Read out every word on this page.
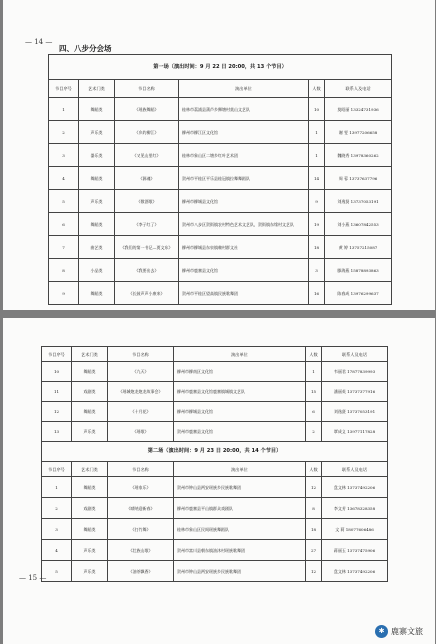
— 14 —
四、八步分会场
第一场（演出时间：9 月 22 日 20:00，共 13 个节目）					
节目序号	艺术门类	节目名称	演出单位	人数	联系人及电话
1	舞蹈类	《瑶族舞蹈》	桂林市荔浦县蒲芦乡狮塘村莫山文艺队	10	莫昭丽 13324731936
2	声乐类	《乡约柳江》	柳州市柳江区文化馆	1	谢 雯 13977206658
3	器乐类	《又见山里红》	桂林市象山区二塘乡红叶艺术团	1	魏晓秀 13978360262
4	舞蹈类	《源魂》	贺州市平桂区平乐县桂冠镇拉舞舞蹈队	14	周 蓉 13737637796
5	声乐类	《敬酒歌》	柳州市柳城县文化馆	9	刘逸贤 13737053191
6	舞蹈类	《李子红了》	贺州市八步区贺街镇农村特色艺术文艺队，贺街镇东缘村文艺队	19	刘小燕 13607842553
7	曲艺类	《我们的第一书记—贾文东》	柳州市柳城县东泉镇赖村群文社	18	黄 婷 13757215087
8	小品类	《我要出去》	柳州市鹿寨县文化馆	3	滕海燕 15878893863
9	舞蹈类	《长鼓声声小康来》	贺州市平桂区望高镇民族歌舞团	16	陈春成 13976299637
节目序号	艺术门类	节目名称	演出单位	人数	联系人及电话
10	舞蹈类	《九天》	柳州市柳南区文化馆	1	韦丽君 17877839993
11	戏剧类	《瑶城炮龙炮龙故事会》	柳州市鹿寨县文化馆鹿寨镇城镇文艺队	15	潘丽英 13737377916
12	舞蹈类	《十月花》	柳州市柳城县文化馆	6	刘逸贤 13737053191
13	声乐类	《瑶歌》	贺州市鹿寨县文化馆	2	覃成义 13977117828
第二场（演出时间：9 月 23 日 20:00，共 14 个节目）					
节目序号	艺术门类	节目名称	演出单位	人数	联系人及电话
1	舞蹈类	《瑶家乐》	贺州市钟山县两安瑶族乡民族歌舞团	12	盘文林 13737492206
2	戏剧类	《唢呐迎新春》	柳州市鹿寨县平山镇群众戏剧队	8	李文芳 13678328358
3	舞蹈类	《打竹舞》	桂林市象山区民间瑶族舞蹈队	18	文 莉 18077606486
4	声乐类	《壮族山歌》	贺州市富川县朝东镇油沐村瑶族歌舞团	27	蒋丽玉 13737475906
5	声乐类	《油茶飘香》	贺州市钟山县两安瑶族乡民族歌舞团	12	盘文林 13737492206
— 15 —
✱ 鹿寨文旅
